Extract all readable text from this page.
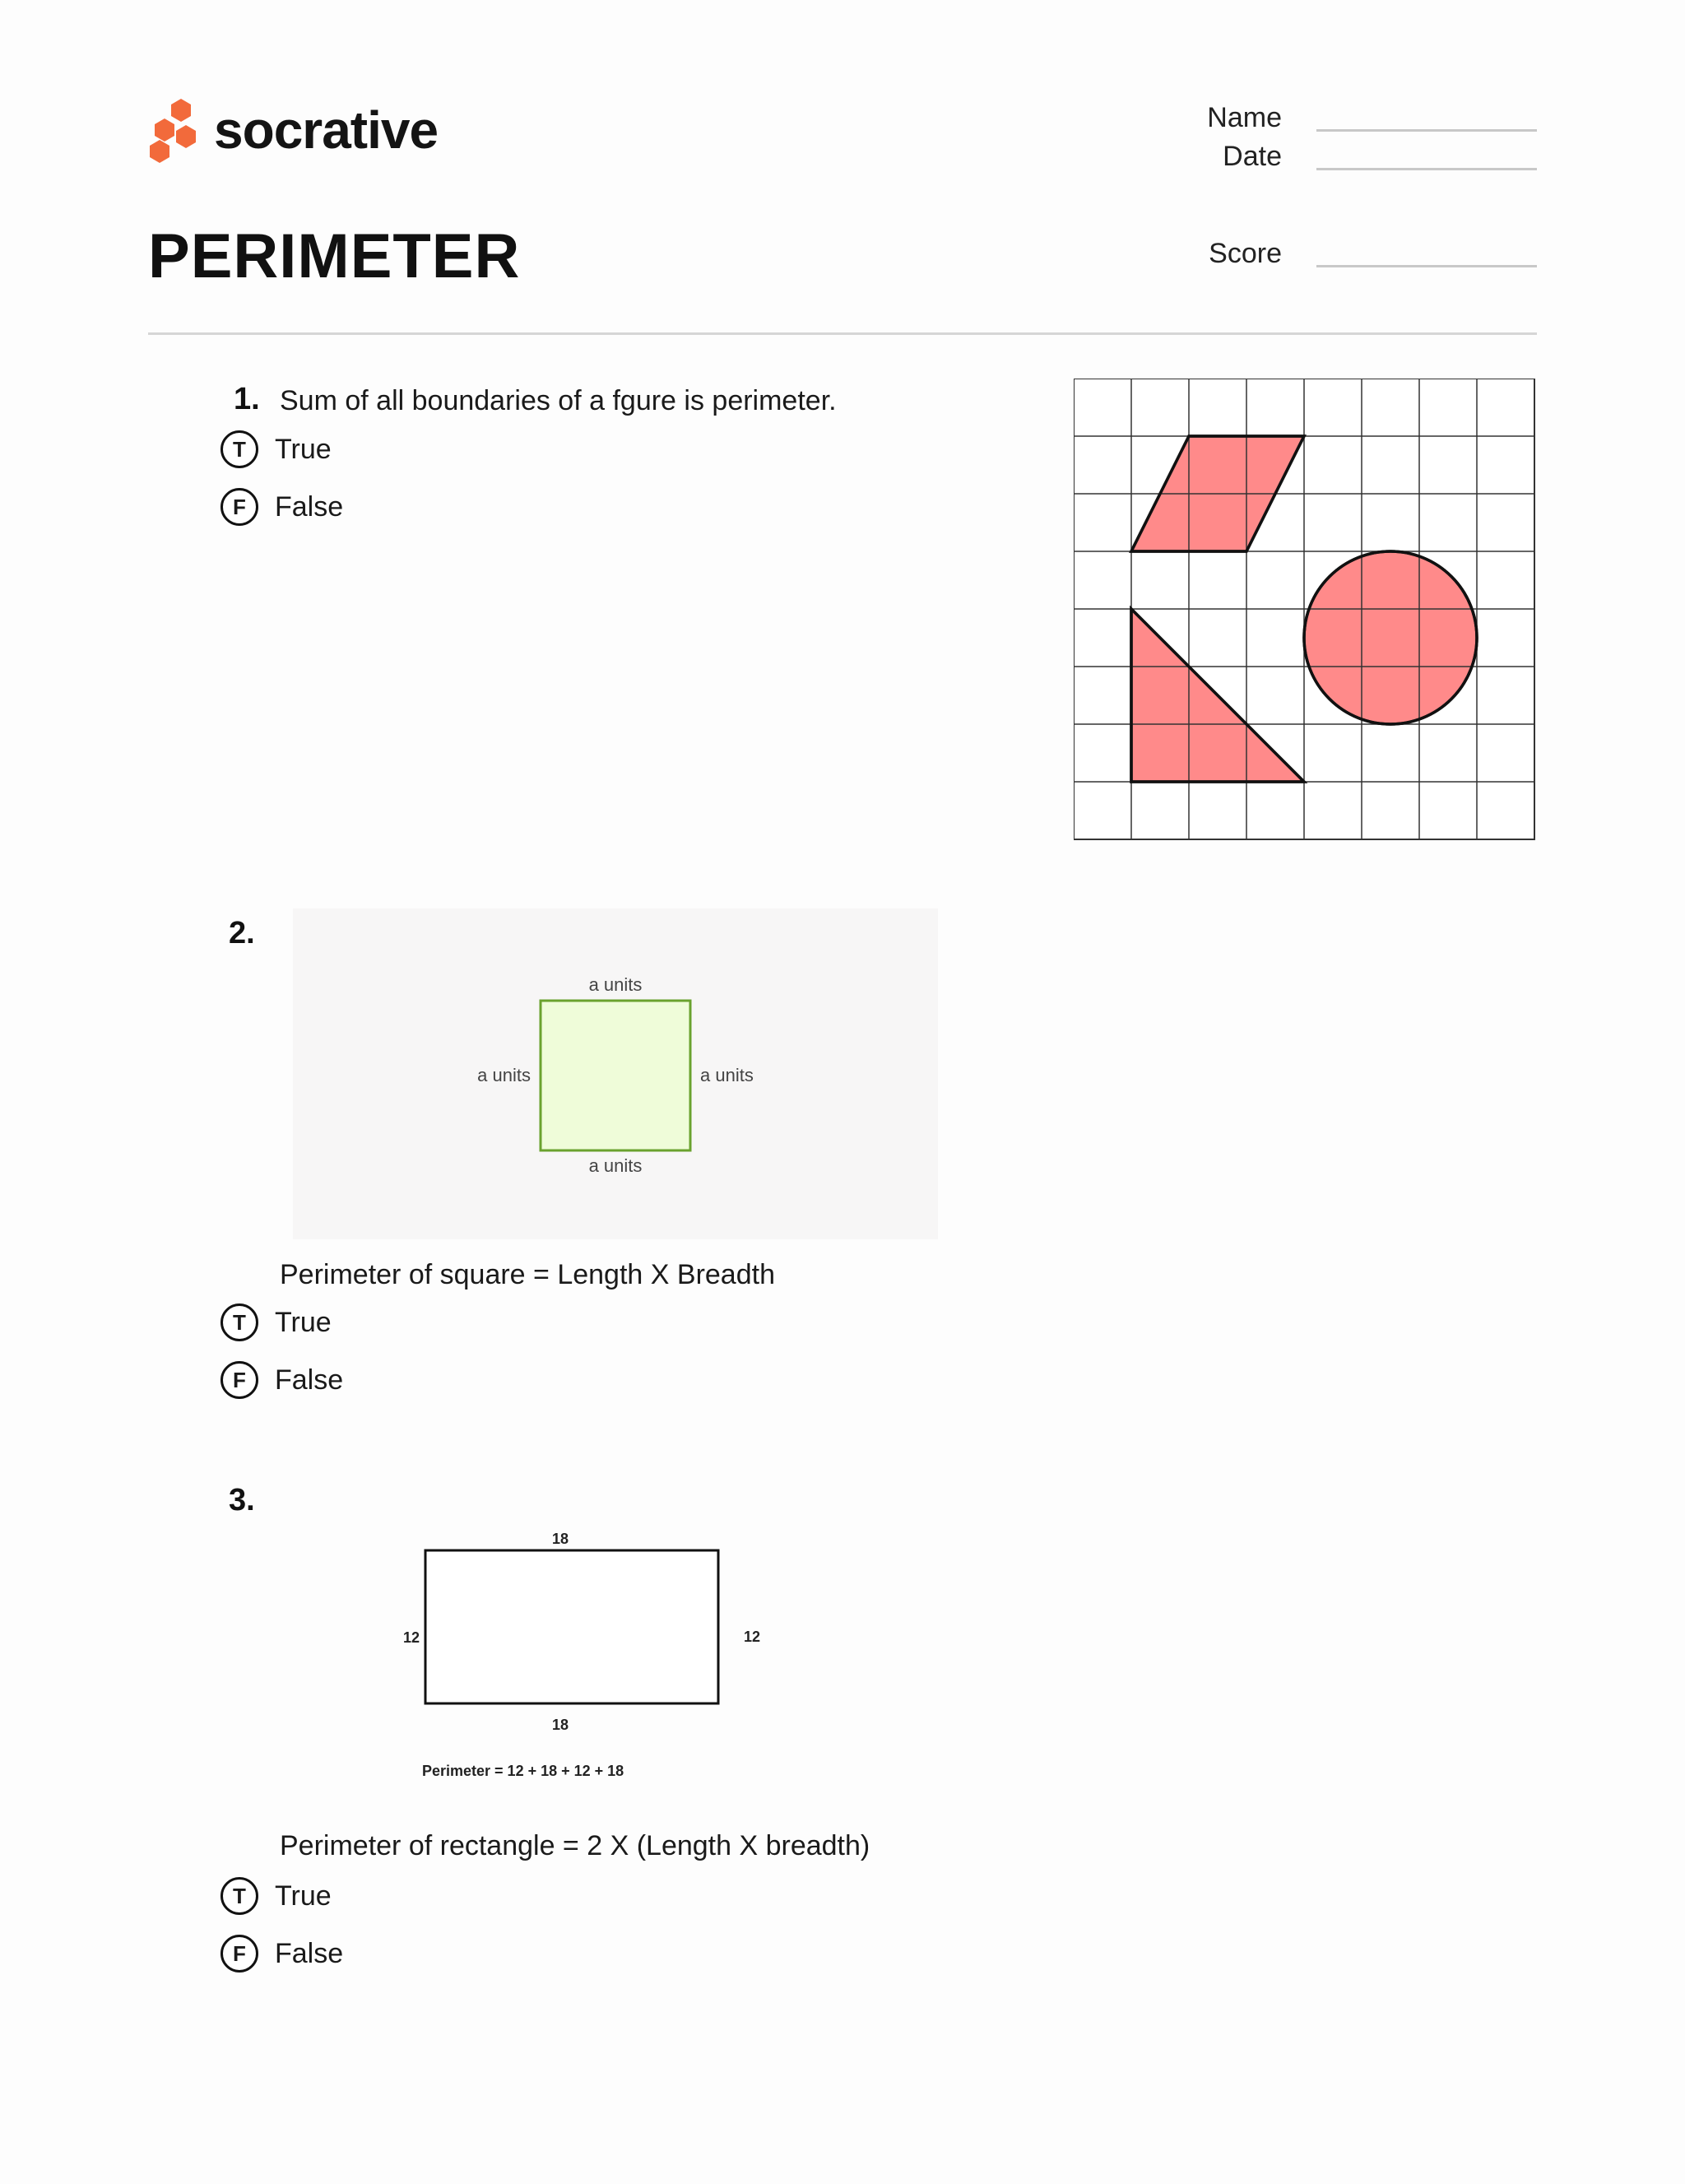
socrative	Name
Date
Score
PERIMETER
1. Sum of all boundaries of a fgure is perimeter.
T	True
F	False
2.
a units
a units	a units
a units
Perimeter of square = Length X Breadth
T	True
F	False
3.
18
12	12
18
Perimeter = 12 + 18 + 12 + 18
Perimeter of rectangle = 2 X (Length X breadth)
T	True
F	False
